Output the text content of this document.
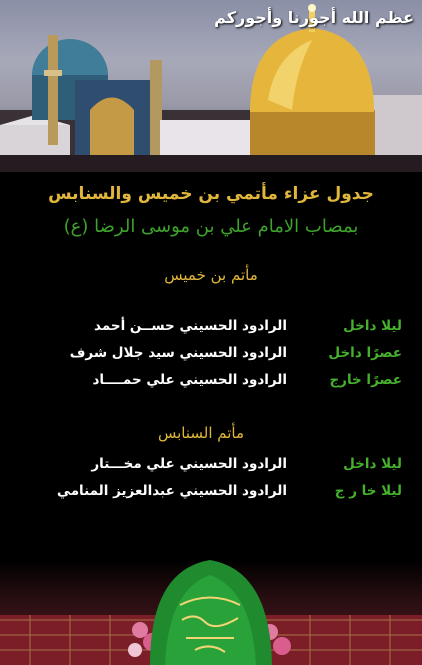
عظم الله أجورنا وأجوركم
جدول عزاء مأتمي بن خميس والسنابس
بمصاب الامام علي بن موسى الرضا (ع)
مأتم بن خميس
ليلا داخل
الرادود الحسيني حســن أحمد
عصرًا داخل
الرادود الحسيني سيد جلال شرف
عصرًا خارج
الرادود الحسيني علي حمــــاد
مأتم السنابس
ليلا داخل
الرادود الحسيني علي مخـــتار
ليلا خا ر ج
الرادود الحسيني عبدالعزيز المنامي
